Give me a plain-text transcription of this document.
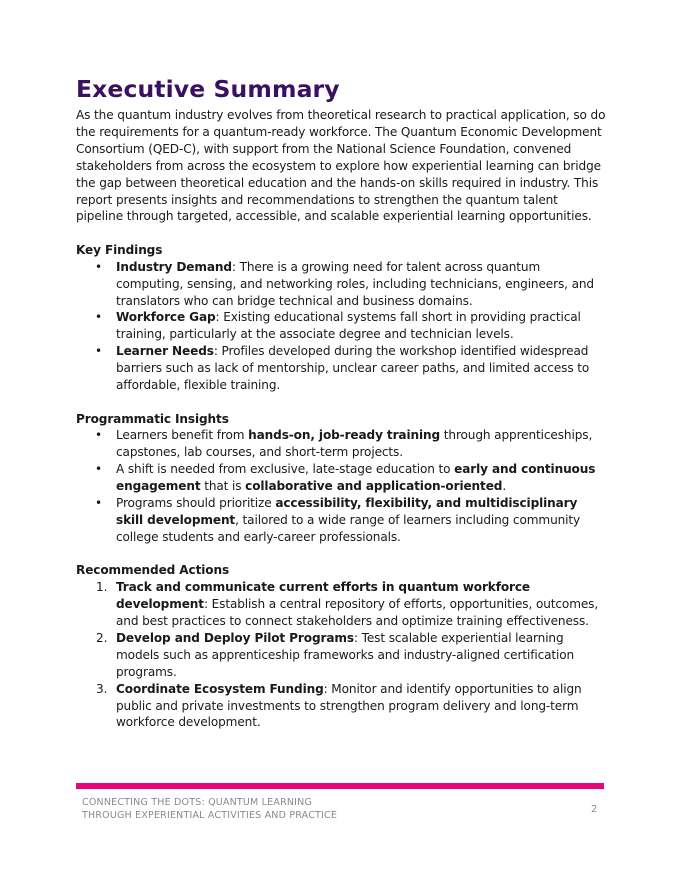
Executive Summary

As the quantum industry evolves from theoretical research to practical application, so do the requirements for a quantum-ready workforce. The Quantum Economic Development Consortium (QED-C), with support from the National Science Foundation, convened stakeholders from across the ecosystem to explore how experiential learning can bridge the gap between theoretical education and the hands-on skills required in industry. This report presents insights and recommendations to strengthen the quantum talent pipeline through targeted, accessible, and scalable experiential learning opportunities.

Key Findings
• Industry Demand: There is a growing need for talent across quantum computing, sensing, and networking roles, including technicians, engineers, and translators who can bridge technical and business domains.
• Workforce Gap: Existing educational systems fall short in providing practical training, particularly at the associate degree and technician levels.
• Learner Needs: Profiles developed during the workshop identified widespread barriers such as lack of mentorship, unclear career paths, and limited access to affordable, flexible training.
Programmatic Insights
• Learners benefit from hands-on, job-ready training through apprenticeships, capstones, lab courses, and short-term projects.
• A shift is needed from exclusive, late-stage education to early and continuous engagement that is collaborative and application-oriented.
• Programs should prioritize accessibility, flexibility, and multidisciplinary skill development, tailored to a wide range of learners including community college students and early-career professionals.
Recommended Actions
1. Track and communicate current efforts in quantum workforce development: Establish a central repository of efforts, opportunities, outcomes, and best practices to connect stakeholders and optimize training effectiveness.
2. Develop and Deploy Pilot Programs: Test scalable experiential learning models such as apprenticeship frameworks and industry-aligned certification programs.
3. Coordinate Ecosystem Funding: Monitor and identify opportunities to align public and private investments to strengthen program delivery and long-term workforce development.
CONNECTING THE DOTS: QUANTUM LEARNING
THROUGH EXPERIENTIAL ACTIVITIES AND PRACTICE	2
